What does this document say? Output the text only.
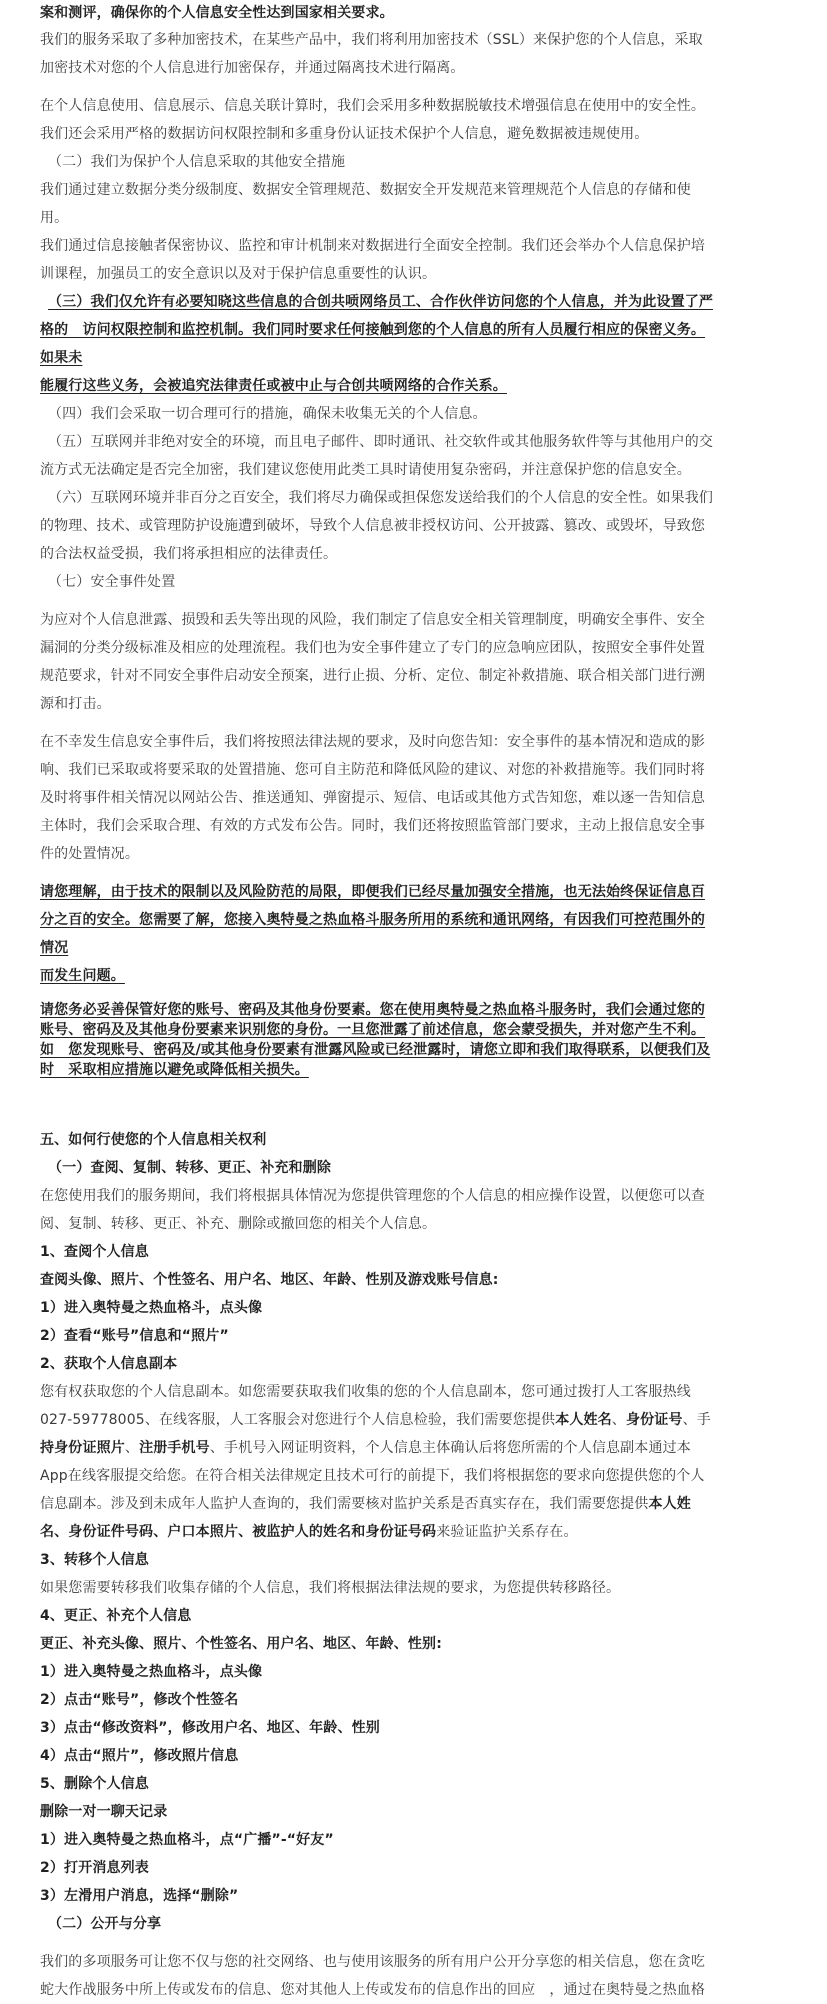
案和测评，确保你的个人信息安全性达到国家相关要求。

我们的服务采取了多种加密技术，在某些产品中，我们将利用加密技术（SSL）来保护您的个人信息，采取

加密技术对您的个人信息进行加密保存，并通过隔离技术进行隔离。

在个人信息使用、信息展示、信息关联计算时，我们会采用多种数据脱敏技术增强信息在使用中的安全性。

我们还会采用严格的数据访问权限控制和多重身份认证技术保护个人信息，避免数据被违规使用。

（二）我们为保护个人信息采取的其他安全措施

我们通过建立数据分类分级制度、数据安全管理规范、数据安全开发规范来管理规范个人信息的存储和使

用。

我们通过信息接触者保密协议、监控和审计机制来对数据进行全面安全控制。我们还会举办个人信息保护培

训课程，加强员工的安全意识以及对于保护信息重要性的认识。

（三）我们仅允许有必要知晓这些信息的合创共唝网络员工、合作伙伴访问您的个人信息，并为此设置了严

格的　访问权限控制和监控机制。我们同时要求任何接触到您的个人信息的所有人员履行相应的保密义务。

如果未

能履行这些义务，会被追究法律责任或被中止与合创共唝网络的合作关系。

（四）我们会采取一切合理可行的措施，确保未收集无关的个人信息。

（五）互联网并非绝对安全的环境，而且电子邮件、即时通讯、社交软件或其他服务软件等与其他用户的交

流方式无法确定是否完全加密，我们建议您使用此类工具时请使用复杂密码，并注意保护您的信息安全。

（六）互联网环境并非百分之百安全，我们将尽力确保或担保您发送给我们的个人信息的安全性。如果我们

的物理、技术、或管理防护设施遭到破坏，导致个人信息被非授权访问、公开披露、篡改、或毁坏，导致您

的合法权益受损，我们将承担相应的法律责任。

（七）安全事件处置

为应对个人信息泄露、损毁和丢失等出现的风险，我们制定了信息安全相关管理制度，明确安全事件、安全

漏洞的分类分级标准及相应的处理流程。我们也为安全事件建立了专门的应急响应团队，按照安全事件处置

规范要求，针对不同安全事件启动安全预案，进行止损、分析、定位、制定补救措施、联合相关部门进行溯

源和打击。

在不幸发生信息安全事件后，我们将按照法律法规的要求，及时向您告知：安全事件的基本情况和造成的影

响、我们已采取或将要采取的处置措施、您可自主防范和降低风险的建议、对您的补救措施等。我们同时将

及时将事件相关情况以网站公告、推送通知、弹窗提示、短信、电话或其他方式告知您，难以逐一告知信息

主体时，我们会采取合理、有效的方式发布公告。同时，我们还将按照监管部门要求，主动上报信息安全事

件的处置情况。

请您理解，由于技术的限制以及风险防范的局限，即便我们已经尽量加强安全措施，也无法始终保证信息百

分之百的安全。您需要了解，您接入奥特曼之热血格斗服务所用的系统和通讯网络，有因我们可控范围外的

情况

而发生问题。

请您务必妥善保管好您的账号、密码及其他身份要素。您在使用奥特曼之热血格斗服务时，我们会通过您的

账号、密码及及其他身份要素来识别您的身份。一旦您泄露了前述信息，您会蒙受损失，并对您产生不利。

如　您发现账号、密码及/或其他身份要素有泄露风险或已经泄露时，请您立即和我们取得联系，以便我们及

时　采取相应措施以避免或降低相关损失。

五、如何行使您的个人信息相关权利

（一）查阅、复制、转移、更正、补充和删除

在您使用我们的服务期间，我们将根据具体情况为您提供管理您的个人信息的相应操作设置，以便您可以查

阅、复制、转移、更正、补充、删除或撤回您的相关个人信息。

1、查阅个人信息

查阅头像、照片、个性签名、用户名、地区、年龄、性别及游戏账号信息:

1）进入奥特曼之热血格斗，点头像

2）查看“账号”信息和“照片”

2、获取个人信息副本

您有权获取您的个人信息副本。如您需要获取我们收集的您的个人信息副本，您可通过拨打人工客服热线

027-59778005、在线客服，人工客服会对您进行个人信息检验，我们需要您提供本人姓名、身份证号、手

持身份证照片、注册手机号、手机号入网证明资料，个人信息主体确认后将您所需的个人信息副本通过本

App在线客服提交给您。在符合相关法律规定且技术可行的前提下，我们将根据您的要求向您提供您的个人

信息副本。涉及到未成年人监护人查询的，我们需要核对监护关系是否真实存在，我们需要您提供本人姓

名、身份证件号码、户口本照片、被监护人的姓名和身份证号码来验证监护关系存在。

3、转移个人信息

如果您需要转移我们收集存储的个人信息，我们将根据法律法规的要求，为您提供转移路径。

4、更正、补充个人信息

更正、补充头像、照片、个性签名、用户名、地区、年龄、性别:

1）进入奥特曼之热血格斗，点头像

2）点击“账号”，修改个性签名

3）点击“修改资料”，修改用户名、地区、年龄、性别

4）点击“照片”，修改照片信息

5、删除个人信息

删除一对一聊天记录

1）进入奥特曼之热血格斗，点“广播”-“好友”

2）打开消息列表

3）左滑用户消息，选择“删除”

（二）公开与分享

我们的多项服务可让您不仅与您的社交网络、也与使用该服务的所有用户公开分享您的相关信息，您在贪吃

蛇大作战服务中所上传或发布的信息、您对其他人上传或发布的信息作出的回应　，通过在奥特曼之热血格
